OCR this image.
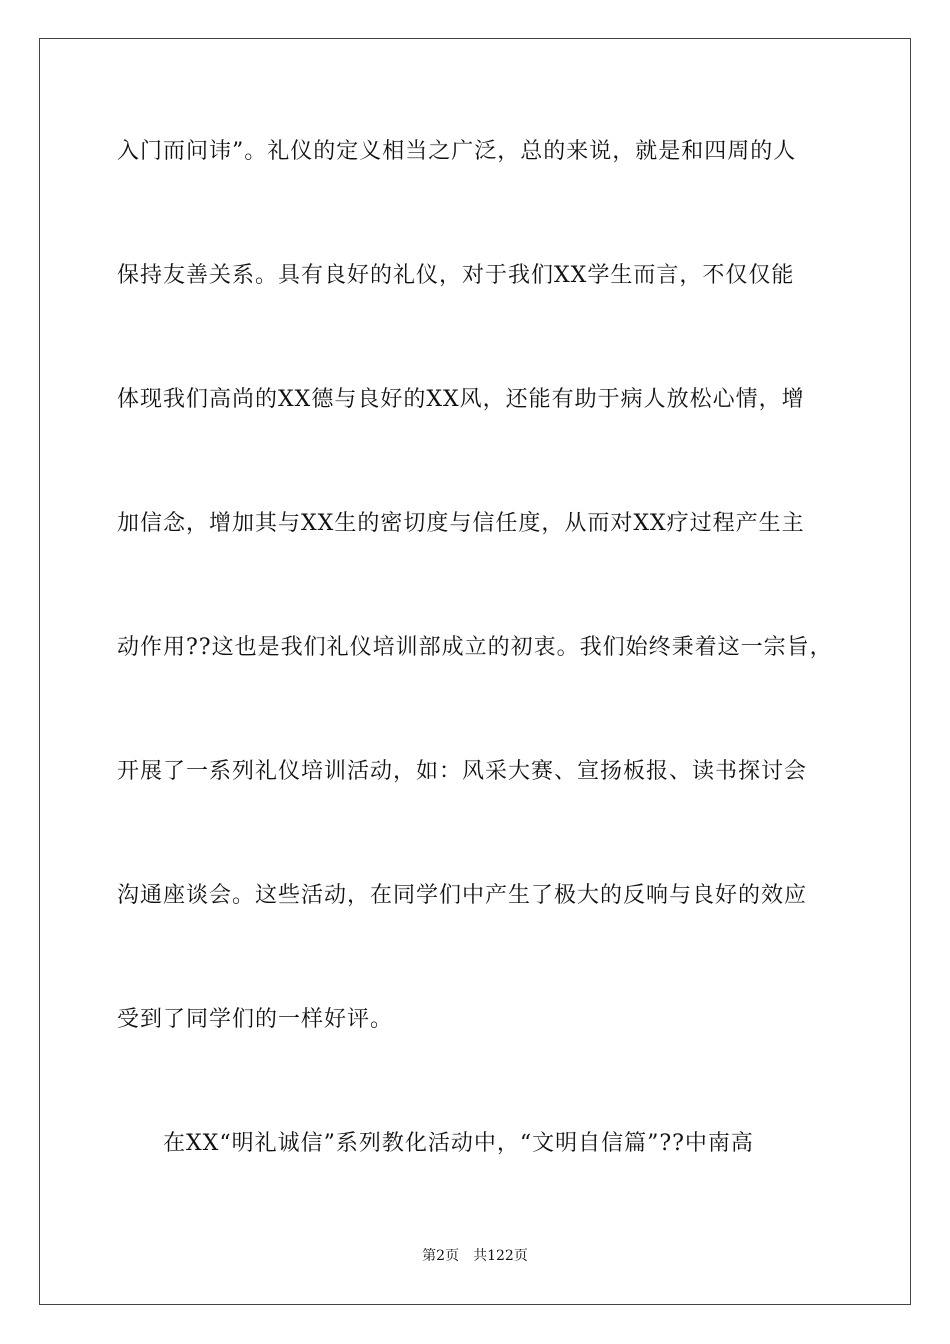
入门而问讳”。礼仪的定义相当之广泛，总的来说，就是和四周的人
保持友善关系。具有良好的礼仪，对于我们XX学生而言，不仅仅能
体现我们高尚的XX德与良好的XX风，还能有助于病人放松心情，增
加信念，增加其与XX生的密切度与信任度，从而对XX疗过程产生主
动作用??这也是我们礼仪培训部成立的初衷。我们始终秉着这一宗旨，
开展了一系列礼仪培训活动，如：风采大赛、宣扬板报、读书探讨会
沟通座谈会。这些活动，在同学们中产生了极大的反响与良好的效应
受到了同学们的一样好评。
在XX“明礼诚信”系列教化活动中，“文明自信篇”??中南高
第2页 共122页
